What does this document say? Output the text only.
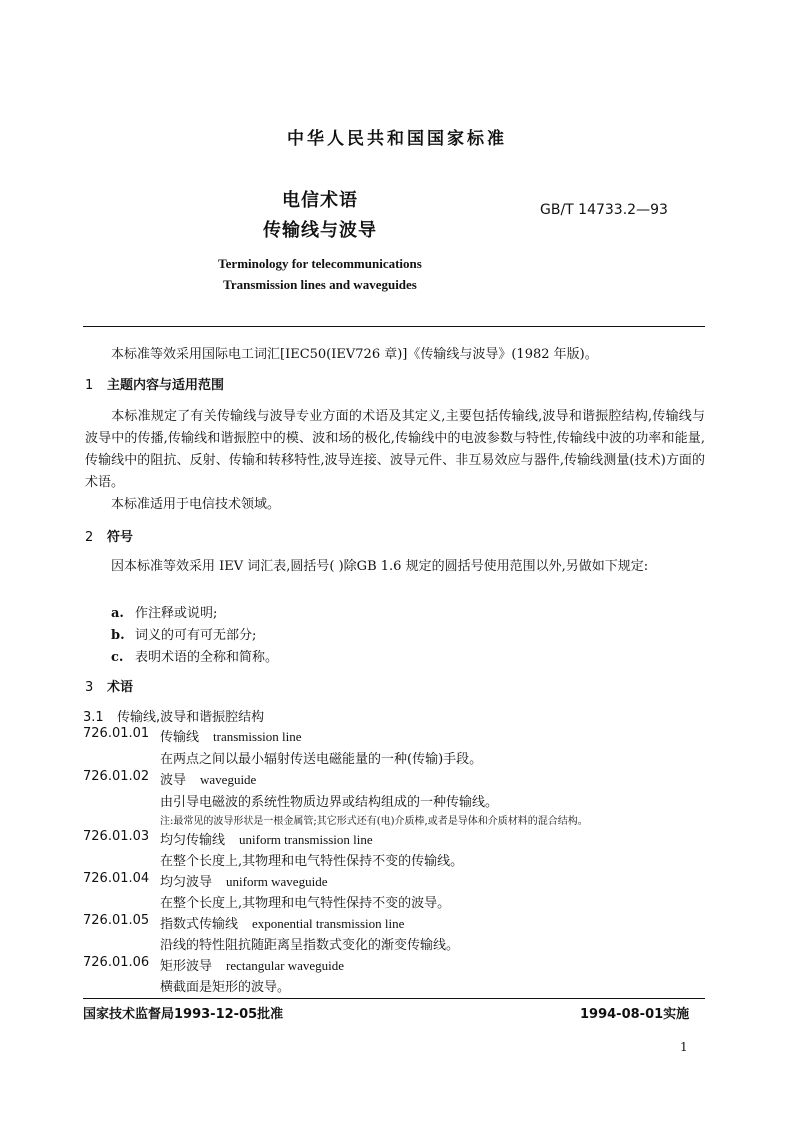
中华人民共和国国家标准
电信术语
传输线与波导
GB/T 14733.2—93
Terminology for telecommunications
Transmission lines and waveguides
本标准等效采用国际电工词汇[IEC50(IEV726 章)]《传输线与波导》(1982 年版)。
1 主题内容与适用范围
本标准规定了有关传输线与波导专业方面的术语及其定义,主要包括传输线,波导和谐振腔结构,传输线与波导中的传播,传输线和谐振腔中的模、波和场的极化,传输线中的电波参数与特性,传输线中波的功率和能量,传输线中的阻抗、反射、传输和转移特性,波导连接、波导元件、非互易效应与器件,传输线测量(技术)方面的术语。
本标准适用于电信技术领域。
2 符号
因本标准等效采用 IEV 词汇表,圆括号( )除GB 1.6 规定的圆括号使用范围以外,另做如下规定:
a. 作注释或说明;
b. 词义的可有可无部分;
c. 表明术语的全称和简称。
3 术语
3.1 传输线,波导和谐振腔结构
726.01.01 传输线 transmission line
在两点之间以最小辐射传送电磁能量的一种(传输)手段。
726.01.02 波导 waveguide
由引导电磁波的系统性物质边界或结构组成的一种传输线。
注:最常见的波导形状是一根金属管;其它形式还有(电)介质棒,或者是导体和介质材料的混合结构。
726.01.03 均匀传输线 uniform transmission line
在整个长度上,其物理和电气特性保持不变的传输线。
726.01.04 均匀波导 uniform waveguide
在整个长度上,其物理和电气特性保持不变的波导。
726.01.05 指数式传输线 exponential transmission line
沿线的特性阻抗随距离呈指数式变化的渐变传输线。
726.01.06 矩形波导 rectangular waveguide
横截面是矩形的波导。
国家技术监督局1993-12-05批准	1994-08-01实施
1
